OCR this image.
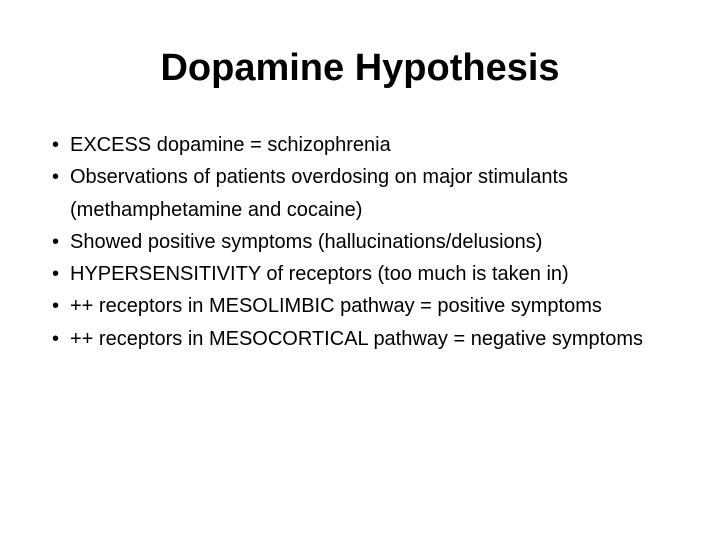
Dopamine Hypothesis
• EXCESS dopamine = schizophrenia
• Observations of patients overdosing on major stimulants (methamphetamine and cocaine)
• Showed positive symptoms (hallucinations/delusions)
• HYPERSENSITIVITY of receptors (too much is taken in)
• ++ receptors in MESOLIMBIC pathway = positive symptoms
• ++ receptors in MESOCORTICAL pathway = negative symptoms
